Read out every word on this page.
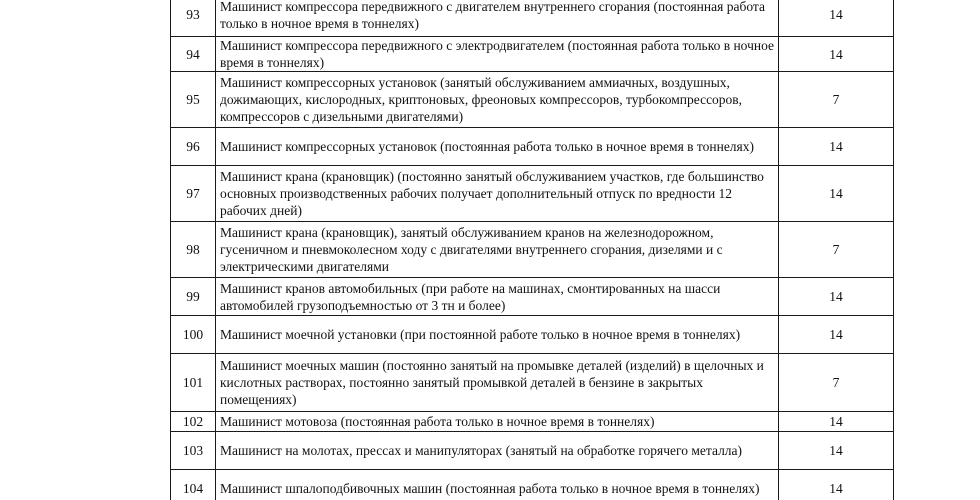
93	Машинист компрессора передвижного с двигателем внутреннего сгорания (постоянная работа только в ночное время в тоннелях)	14
94	Машинист компрессора передвижного с электродвигателем (постоянная работа только в ночное время в тоннелях)	14
95	Машинист компрессорных установок (занятый обслуживанием аммиачных, воздушных, дожимающих, кислородных, криптоновых, фреоновых компрессоров, турбокомпрессоров, компрессоров с дизельными двигателями)	7
96	Машинист компрессорных установок (постоянная работа только в ночное время в тоннелях)	14
97	Машинист крана (крановщик) (постоянно занятый обслуживанием участков, где большинство основных производственных рабочих получает дополнительный отпуск по вредности 12 рабочих дней)	14
98	Машинист крана (крановщик), занятый обслуживанием кранов на железнодорожном, гусеничном и пневмоколесном ходу с двигателями внутреннего сгорания, дизелями и с электрическими двигателями	7
99	Машинист кранов автомобильных (при работе на машинах, смонтированных на шасси автомобилей грузоподъемностью от 3 тн и более)	14
100	Машинист моечной установки (при постоянной работе только в ночное время в тоннелях)	14
101	Машинист моечных машин (постоянно занятый на промывке деталей (изделий) в щелочных и кислотных растворах, постоянно занятый промывкой деталей в бензине в закрытых помещениях)	7
102	Машинист мотовоза (постоянная работа только в ночное время в тоннелях)	14
103	Машинист на молотах, прессах и манипуляторах (занятый на обработке горячего металла)	14
104	Машинист шпалоподбивочных машин (постоянная работа только в ночное время в тоннелях)	14
